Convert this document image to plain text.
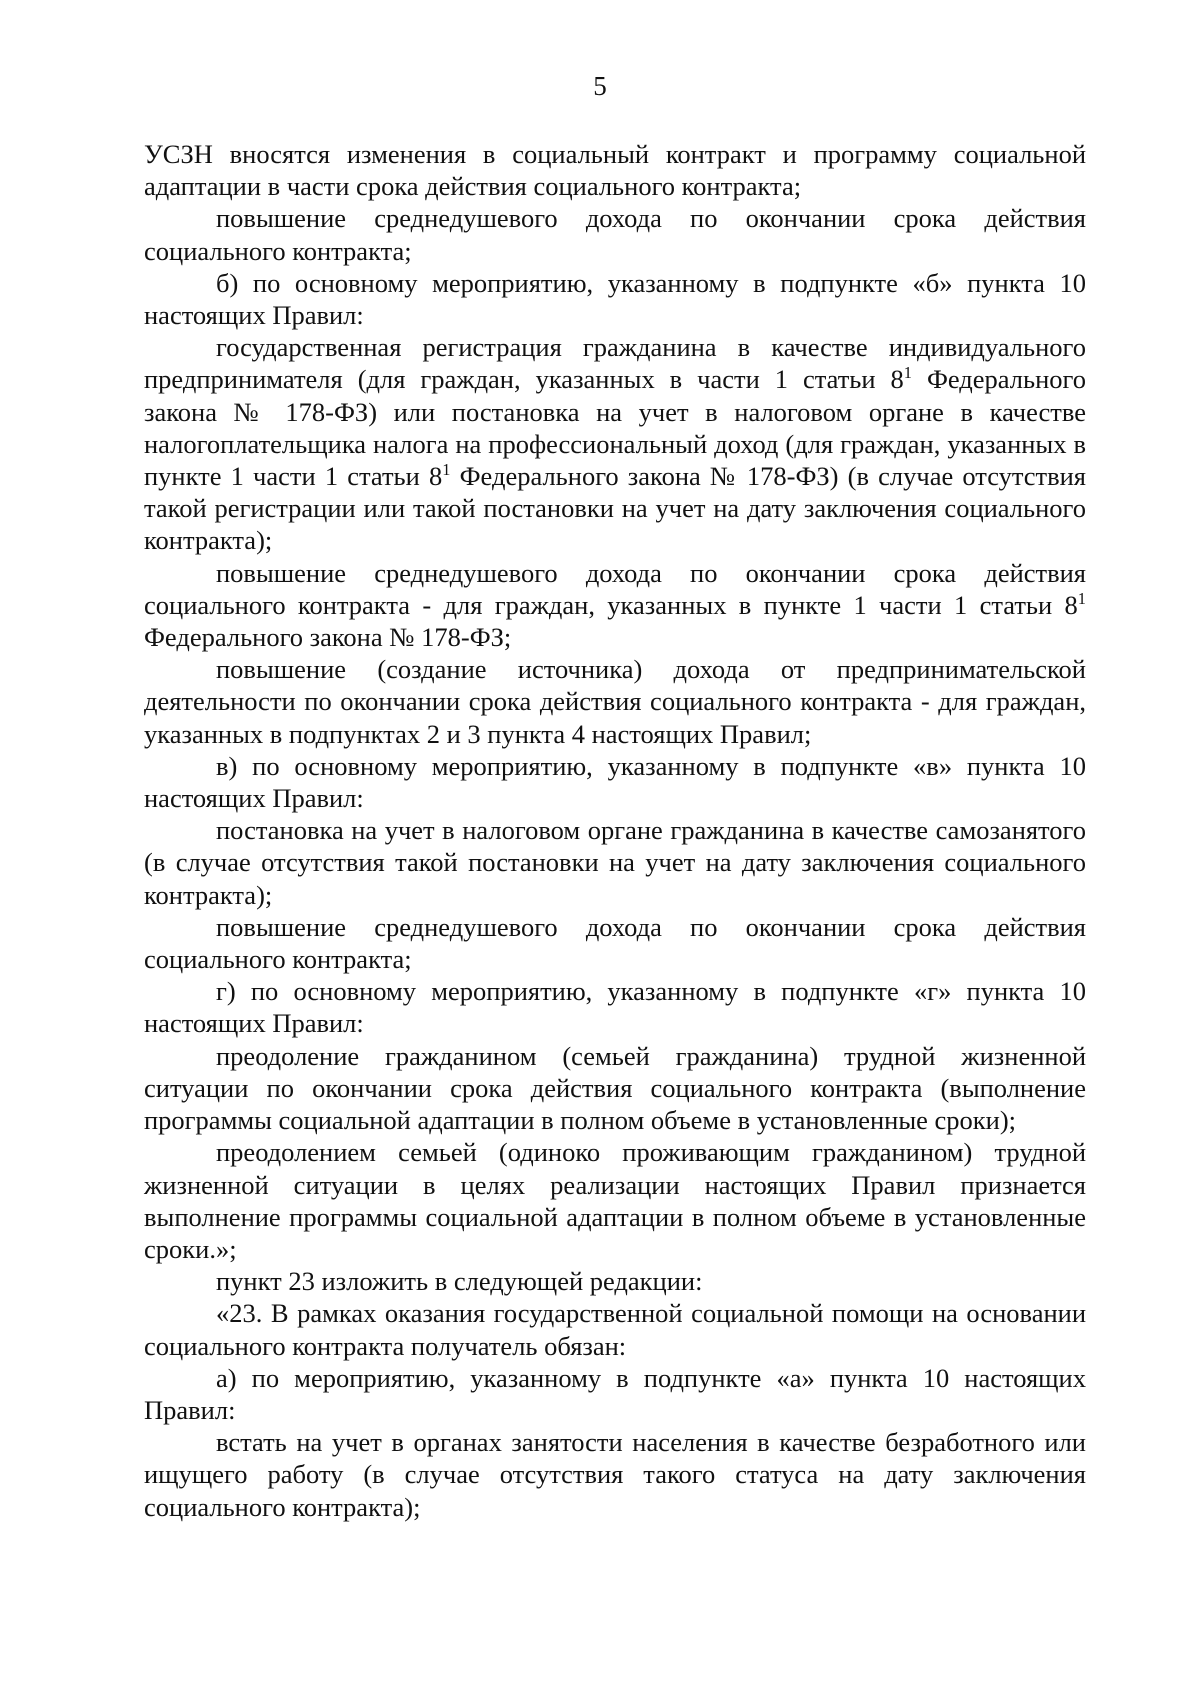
5

УСЗН вносятся изменения в социальный контракт и программу социальной адаптации в части срока действия социального контракта;

повышение среднедушевого дохода по окончании срока действия социального контракта;

б) по основному мероприятию, указанному в подпункте «б» пункта 10 настоящих Правил:

государственная регистрация гражданина в качестве индивидуального предпринимателя (для граждан, указанных в части 1 статьи $8^1$ Федерального закона № 178-ФЗ) или постановка на учет в налоговом органе в качестве налогоплательщика налога на профессиональный доход (для граждан, указанных в пункте 1 части 1 статьи $8^1$ Федерального закона № 178-ФЗ) (в случае отсутствия такой регистрации или такой постановки на учет на дату заключения социального контракта);

повышение среднедушевого дохода по окончании срока действия социального контракта - для граждан, указанных в пункте 1 части 1 статьи $8^1$ Федерального закона № 178-ФЗ;

повышение (создание источника) дохода от предпринимательской деятельности по окончании срока действия социального контракта - для граждан, указанных в подпунктах 2 и 3 пункта 4 настоящих Правил;

в) по основному мероприятию, указанному в подпункте «в» пункта 10 настоящих Правил:

постановка на учет в налоговом органе гражданина в качестве самозанятого (в случае отсутствия такой постановки на учет на дату заключения социального контракта);

повышение среднедушевого дохода по окончании срока действия социального контракта;

г) по основному мероприятию, указанному в подпункте «г» пункта 10 настоящих Правил:

преодоление гражданином (семьей гражданина) трудной жизненной ситуации по окончании срока действия социального контракта (выполнение программы социальной адаптации в полном объеме в установленные сроки);

преодолением семьей (одиноко проживающим гражданином) трудной жизненной ситуации в целях реализации настоящих Правил признается выполнение программы социальной адаптации в полном объеме в установленные сроки.»;

пункт 23 изложить в следующей редакции:

«23. В рамках оказания государственной социальной помощи на основании социального контракта получатель обязан:

а) по мероприятию, указанному в подпункте «а» пункта 10 настоящих Правил:

встать на учет в органах занятости населения в качестве безработного или ищущего работу (в случае отсутствия такого статуса на дату заключения социального контракта);
